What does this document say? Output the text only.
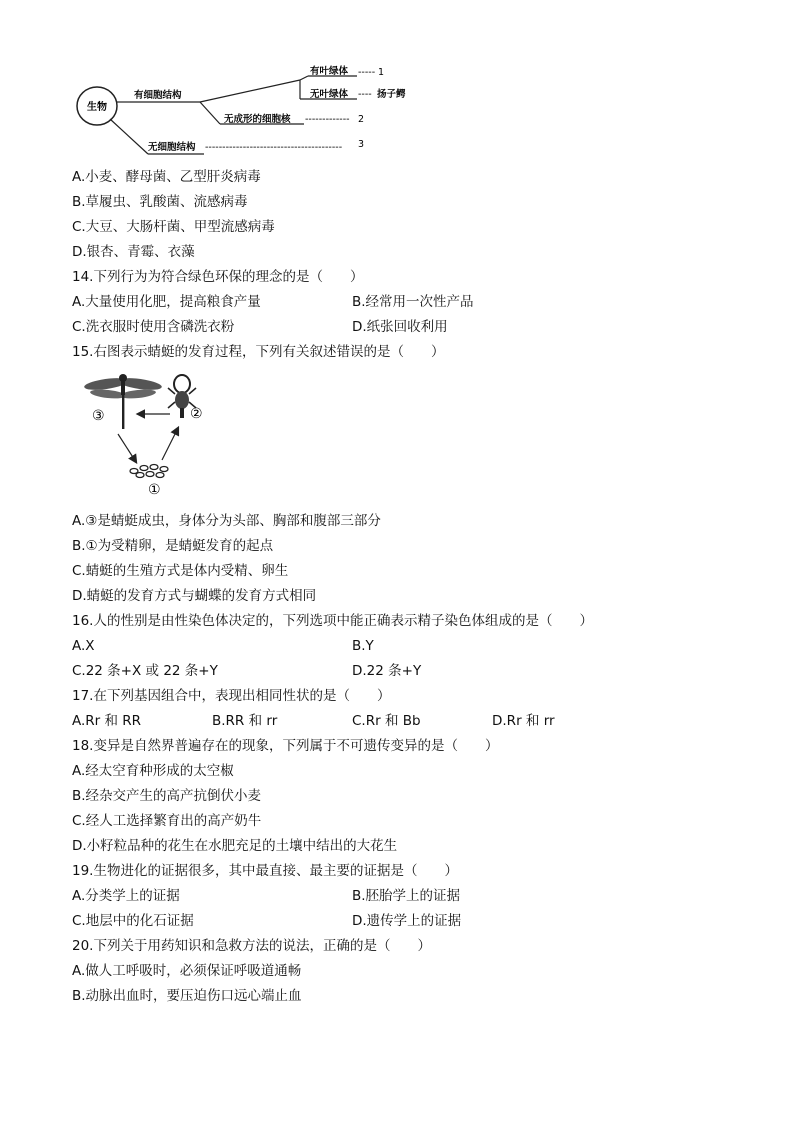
生物
有细胞结构
有叶绿体 ----- 1
无叶绿体 ---- 扬子鳄
无成形的细胞核 ------------- 2
无细胞结构 ---------------------------------------- 3
A.小麦、酵母菌、乙型肝炎病毒
B.草履虫、乳酸菌、流感病毒
C.大豆、大肠杆菌、甲型流感病毒
D.银杏、青霉、衣藻
14.下列行为为符合绿色环保的理念的是（　　）
A.大量使用化肥，提高粮食产量	B.经常用一次性产品
C.洗衣服时使用含磷洗衣粉	D.纸张回收利用
15.右图表示蜻蜓的发育过程，下列有关叙述错误的是（　　）
③	②
①
A.③是蜻蜓成虫，身体分为头部、胸部和腹部三部分
B.①为受精卵，是蜻蜓发育的起点
C.蜻蜓的生殖方式是体内受精、卵生
D.蜻蜓的发育方式与蝴蝶的发育方式相同
16.人的性别是由性染色体决定的，下列选项中能正确表示精子染色体组成的是（　　）
A.X	B.Y
C.22 条+X 或 22 条+Y	D.22 条+Y
17.在下列基因组合中，表现出相同性状的是（　　）
A.Rr 和 RR	B.RR 和 rr	C.Rr 和 Bb	D.Rr 和 rr
18.变异是自然界普遍存在的现象，下列属于不可遗传变异的是（　　）
A.经太空育种形成的太空椒
B.经杂交产生的高产抗倒伏小麦
C.经人工选择繁育出的高产奶牛
D.小籽粒品种的花生在水肥充足的土壤中结出的大花生
19.生物进化的证据很多，其中最直接、最主要的证据是（　　）
A.分类学上的证据	B.胚胎学上的证据
C.地层中的化石证据	D.遗传学上的证据
20.下列关于用药知识和急救方法的说法，正确的是（　　）
A.做人工呼吸时，必须保证呼吸道通畅
B.动脉出血时，要压迫伤口远心端止血
